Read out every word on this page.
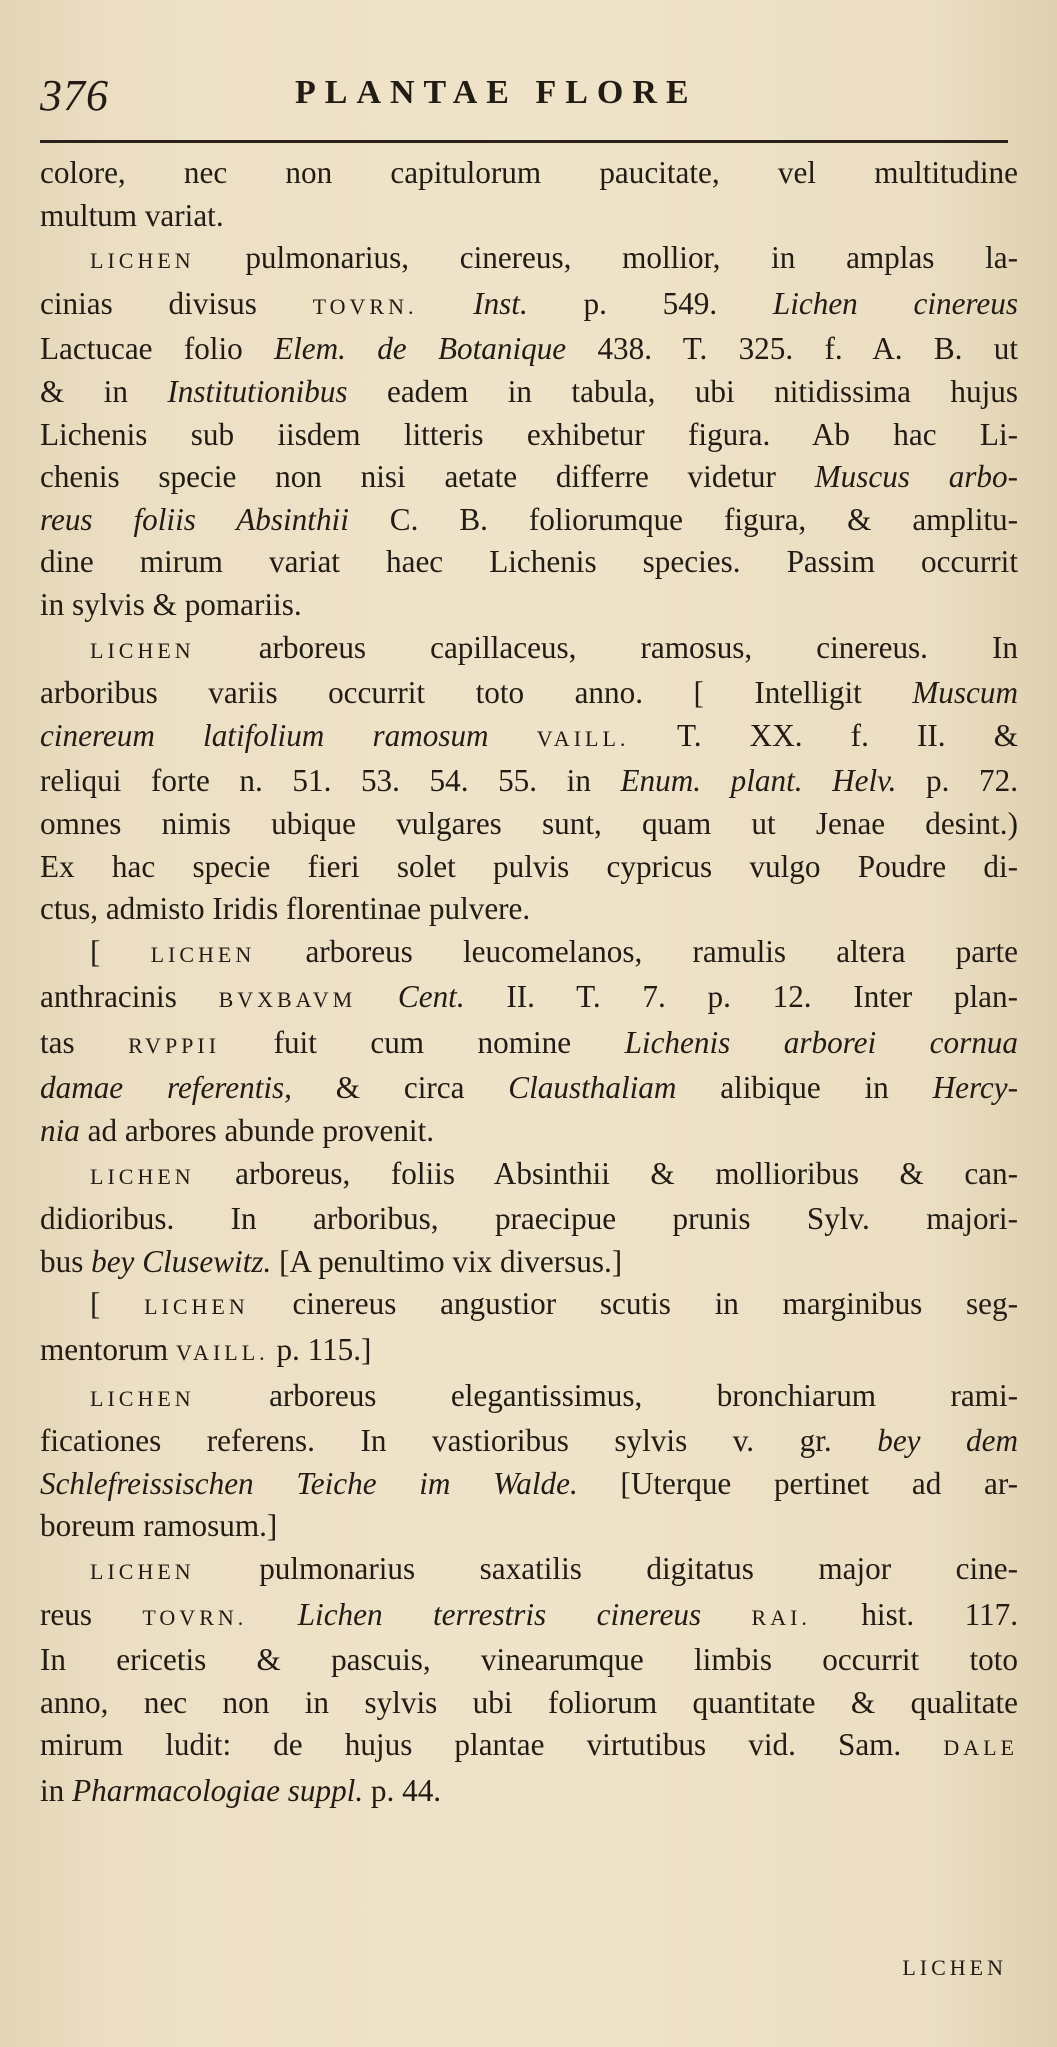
376	PLANTAE FLORE
colore, nec non capitulorum paucitate, vel multitudine
multum variat.
LICHEN pulmonarius, cinereus, mollior, in amplas la-
cinias divisus TOVRN. Inst. p. 549. Lichen cinereus
Lactucae folio Elem. de Botanique 438. T. 325. f. A. B. ut
& in Institutionibus eadem in tabula, ubi nitidissima hujus
Lichenis sub iisdem litteris exhibetur figura. Ab hac Li-
chenis specie non nisi aetate differre videtur Muscus arbo-
reus foliis Absinthii C. B. foliorumque figura, & amplitu-
dine mirum variat haec Lichenis species. Passim occurrit
in sylvis & pomariis.
LICHEN arboreus capillaceus, ramosus, cinereus. In
arboribus variis occurrit toto anno. [ Intelligit Muscum
cinereum latifolium ramosum VAILL. T. XX. f. II. &
reliqui forte n. 51. 53. 54. 55. in Enum. plant. Helv. p. 72.
omnes nimis ubique vulgares sunt, quam ut Jenae desint.)
Ex hac specie fieri solet pulvis cypricus vulgo Poudre di-
ctus, admisto Iridis florentinae pulvere.
[ LICHEN arboreus leucomelanos, ramulis altera parte
anthracinis BVXBAVM Cent. II. T. 7. p. 12. Inter plan-
tas RVPPII fuit cum nomine Lichenis arborei cornua
damae referentis, & circa Clausthaliam alibique in Hercy-
nia ad arbores abunde provenit.
LICHEN arboreus, foliis Absinthii & mollioribus & can-
didioribus. In arboribus, praecipue prunis Sylv. majori-
bus bey Clusewitz. [A penultimo vix diversus.]
[ LICHEN cinereus angustior scutis in marginibus seg-
mentorum VAILL. p. 115.]
LICHEN arboreus elegantissimus, bronchiarum rami-
ficationes referens. In vastioribus sylvis v. gr. bey dem
Schlefreissischen Teiche im Walde. [Uterque pertinet ad ar-
boreum ramosum.]
LICHEN pulmonarius saxatilis digitatus major cine-
reus TOVRN. Lichen terrestris cinereus RAI. hist. 117.
In ericetis & pascuis, vinearumque limbis occurrit toto
anno, nec non in sylvis ubi foliorum quantitate & qualitate
mirum ludit: de hujus plantae virtutibus vid. Sam. DALE
in Pharmacologiae suppl. p. 44.
LICHEN
